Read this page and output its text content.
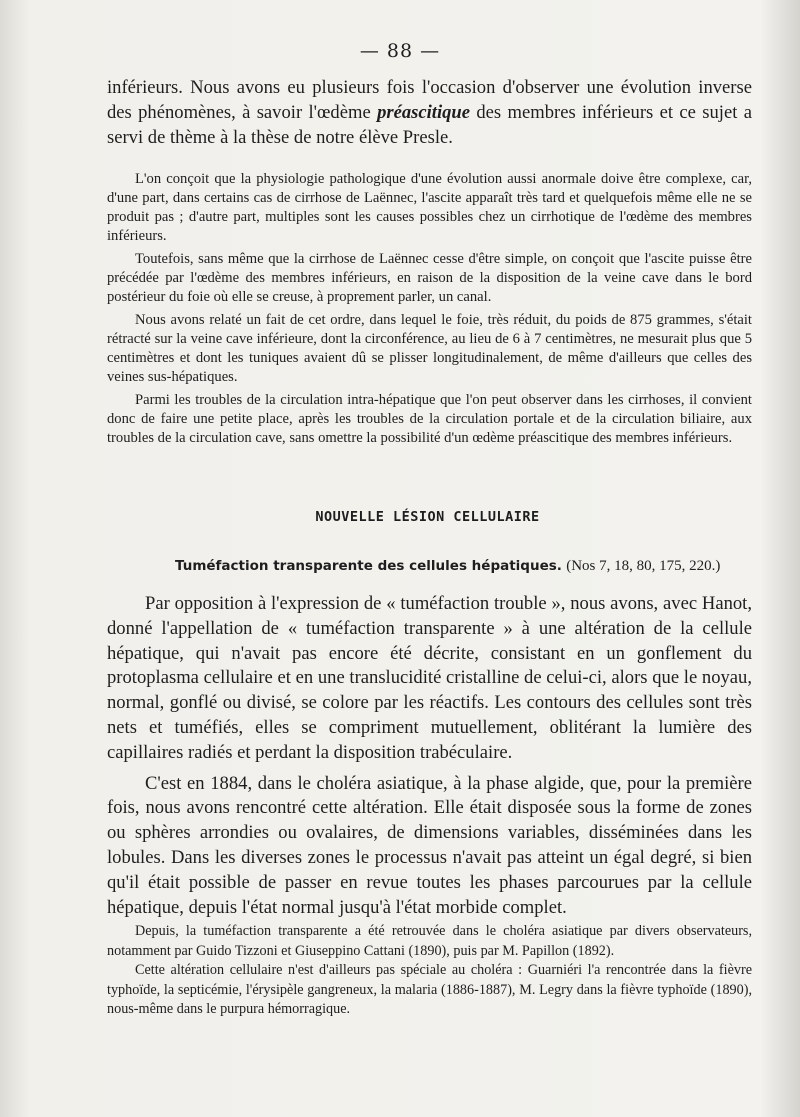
— 88 —

inférieurs. Nous avons eu plusieurs fois l'occasion d'observer une évolution inverse des phénomènes, à savoir l'œdème préascitique des membres inférieurs et ce sujet a servi de thème à la thèse de notre élève Presle.

L'on conçoit que la physiologie pathologique d'une évolution aussi anormale doive être complexe, car, d'une part, dans certains cas de cirrhose de Laënnec, l'ascite apparaît très tard et quelquefois même elle ne se produit pas ; d'autre part, multiples sont les causes possibles chez un cirrhotique de l'œdème des membres inférieurs.

Toutefois, sans même que la cirrhose de Laënnec cesse d'être simple, on conçoit que l'ascite puisse être précédée par l'œdème des membres inférieurs, en raison de la disposition de la veine cave dans le bord postérieur du foie où elle se creuse, à proprement parler, un canal.

Nous avons relaté un fait de cet ordre, dans lequel le foie, très réduit, du poids de 875 grammes, s'était rétracté sur la veine cave inférieure, dont la circonférence, au lieu de 6 à 7 centimètres, ne mesurait plus que 5 centimètres et dont les tuniques avaient dû se plisser longitudinalement, de même d'ailleurs que celles des veines sus-hépatiques.

Parmi les troubles de la circulation intra-hépatique que l'on peut observer dans les cirrhoses, il convient donc de faire une petite place, après les troubles de la circulation portale et de la circulation biliaire, aux troubles de la circulation cave, sans omettre la possibilité d'un œdème préascitique des membres inférieurs.

NOUVELLE LÉSION CELLULAIRE
Tuméfaction transparente des cellules hépatiques. (Nos 7, 18, 80, 175, 220.)

Par opposition à l'expression de « tuméfaction trouble », nous avons, avec Hanot, donné l'appellation de « tuméfaction transparente » à une altération de la cellule hépatique, qui n'avait pas encore été décrite, consistant en un gonflement du protoplasma cellulaire et en une translucidité cristalline de celui-ci, alors que le noyau, normal, gonflé ou divisé, se colore par les réactifs. Les contours des cellules sont très nets et tuméfiés, elles se compriment mutuellement, oblitérant la lumière des capillaires radiés et perdant la disposition trabéculaire.

C'est en 1884, dans le choléra asiatique, à la phase algide, que, pour la première fois, nous avons rencontré cette altération. Elle était disposée sous la forme de zones ou sphères arrondies ou ovalaires, de dimensions variables, disséminées dans les lobules. Dans les diverses zones le processus n'avait pas atteint un égal degré, si bien qu'il était possible de passer en revue toutes les phases parcourues par la cellule hépatique, depuis l'état normal jusqu'à l'état morbide complet.

Depuis, la tuméfaction transparente a été retrouvée dans le choléra asiatique par divers observateurs, notamment par Guido Tizzoni et Giuseppino Cattani (1890), puis par M. Papillon (1892).

Cette altération cellulaire n'est d'ailleurs pas spéciale au choléra : Guarniéri l'a rencontrée dans la fièvre typhoïde, la septicémie, l'érysipèle gangreneux, la malaria (1886-1887), M. Legry dans la fièvre typhoïde (1890), nous-même dans le purpura hémorragique.
